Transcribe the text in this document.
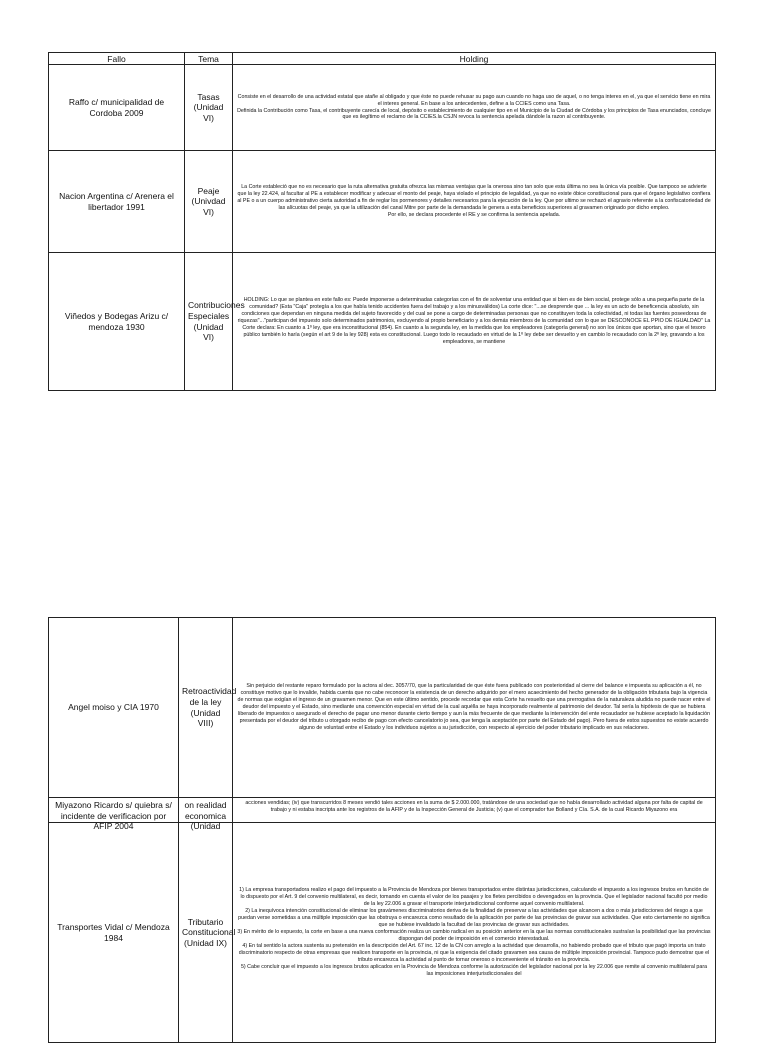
Fallo	Tema	Holding
Raffo c/ municipalidad de Cordoba 2009	Tasas (Unidad VI)	Consiste en el desarrollo de una actividad estatal que atañe al obligado y que éste no puede rehusar su pago aun cuando no haga uso de aquel, o no tenga interes en el, ya que el servicio tiene en mira el interes general. En base a los antecedentes, define a la CCIES como una Tasa.

Definida la Contribución como Tasa, el contribuyente carecía de local, depósito o establecimiento de cualquier tipo en el Municipio de la Ciudad de Córdoba y los principios de Tasa enunciados, concluye que es ilegítimo el reclamo de la CCIES.la CSJN revoca la sentencia apelada dándole la razon al contribuyente.

Nacion Argentina c/ Arenera el libertador 1991	Peaje (Univdad VI)	La Corte estableció que no es necesario que la ruta alternativa gratuita ofrezca las mismas ventajas que la onerosa sino tan solo que esta última no sea la única vía posible. Que tampoco se advierte que la ley 22.424, al facultar al PE a establecer modificar y adecuar el monto del peaje, haya violado el principio de legalidad, ya que no existe óbice constitucional para que el órgano legislativo confiera al PE o a un cuerpo administrativo cierta autoridad a fin de reglar los pormenores y detalles necesarios para la ejecución de la ley. Que por ultimo se rechazó el agravio referente a la confiscatoriedad de las alícuotas del peaje, ya que la utilización del canal Mitre por parte de la demandada le genera a esta beneficios superiores al gravamen originado por dicho empleo.

Por ello, se declara procedente el RE y se confirma la sentencia apelada.

Viñedos y Bodegas Arizu c/ mendoza 1930	Contribuciones Especiales (Unidad VI)	HOLDING: Lo que se plantea en este fallo es: Puede imponerse a determinadas categorías con el fin de solventar una entidad que si bien es de bien social, protege sólo a una pequeña parte de la comunidad? (Esta "Caja" protegía a los que había tenido accidentes fuera del trabajo y a los minusválidos) La corte dice: "...se desprende que ... la ley es un acto de beneficencia absoluto, sin condiciones que dependan en ninguna medida del sujeto favorecido y del cual se pone a cargo de determinadas personas que no constituyen toda la colectividad, ni todas las fuentes poseedoras de riquezas"..."participan del impuesto solo determinados patrimonios, excluyendo al propio beneficiario y a los demás miembros de la comunidad con lo que se DESCONOCE EL PPIO DE IGUALDAD" La Corte declara: En cuanto a 1º ley, que era inconstitucional (854). En cuanto a la segunda ley, en la medida que los empleadores (categoría general) no son los únicos que aportan, sino que el tesoro público también lo haría (según el art 9 de la ley 928) esta es constitucional. Luego todo lo recaudado en virtud de la 1º ley debe ser devuelto y en cambio lo recaudado con la 2º ley, gravando a los empleadores, se mantiene

Angel moiso y CIA 1970	Retroactividad de la ley (Unidad VIII)	Sin perjuicio del restante reparo formulado por la actora al dec. 3057/70, que la particularidad de que éste fuera publicado con posterioridad al cierre del balance e impuesta su aplicación a él, no constituye motivo que lo invalide, habida cuenta que no cabe reconocer la existencia de un derecho adquirido por el mero acaecimiento del hecho generador de la obligación tributaria bajo la vigencia de normas que exigían el ingreso de un gravamen menor. Que en este último sentido, procede recordar que esta Corte ha resuelto que una prerrogativa de la naturaleza aludida no puede nacer entre el deudor del impuesto y el Estado, sino mediante una convención especial en virtud de la cual aquélla se haya incorporado realmente al patrimonio del deudor. Tal sería la hipótesis de que se hubiera liberado de impuestos o asegurado el derecho de pagar uno menor durante cierto tiempo y aun la más frecuente de que mediante la intervención del ente recaudador se hubiese aceptado la liquidación presentada por el deudor del tributo u otorgado recibo de pago con efecto cancelatorio jo sea, que tenga la aceptación por parte del Estado del pago). Pero fuera de estos supuestos no existe acuerdo alguno de voluntad entre el Estado y los individuos sujetos a su jurisdicción, con respecto al ejercicio del poder tributario implicado en sus relaciones.

Miyazono Ricardo s/ quiebra s/ incidente de verificacion por AFIP 2004	on realidad economica (Unidad	acciones vendidas; (iv) que transcurridos 8 meses vendió tales acciones en la suma de $ 2.000.000, tratándose de una sociedad que no había desarrollado actividad alguna por falta de capital de trabajo y ni estaba inscripta ante los registros de la AFIP y de la Inspección General de Justicia; (v) que el comprador fue Bolland y Cía. S.A. de la cual Ricardo Miyazono era

Transportes Vidal c/ Mendoza 1984	Tributario Constitucional (Unidad IX)	1) La empresa transportadora realizo el pago del impuesto a la Provincia de Mendoza por bienes transportados entre distintas jurisdicciones, calculando el impuesto a los ingresos brutos en función de lo dispuesto por el Art. 9 del convenio multilateral, es decir, tomando en cuenta el valor de los pasajes y los fletes percibidos o devengados en la provincia. Que el legislador nacional facultó por medio de la ley 22.006 a gravar el transporte interjurisdiccional conforme aquel convenio multilateral.

2) La inequívoca intención constitucional de eliminar los gravámenes discriminatorios deriva de la finalidad de preservar a las actividades que alcancen a dos o más jurisdicciones del riesgo a que puedan verse sometidas a una múltiple imposición que las obstruya o encarezca como resultado de la aplicación por parte de las provincias de gravar sus actividades. Que esto ciertamente no significa que se hubiese invalidado la facultad de las provincias de gravar sus actividades.

3) En mérito de lo expuesto, la corte en base a una nueva conformación realiza un cambio radical en su posición anterior en la que las normas constitucionales sustraían la posibilidad que las provincias dispongan del poder de imposición en el comercio interestadual.

4) En tal sentido la actora sustenta su pretensión en la descripción del Art. 67 inc. 12 de la CN con arreglo a la actividad que desarrolla, no habiendo probado que el tributo que pagó importa un trato discriminatorio respecto de otras empresas que realicen transporte en la provincia, ni que la exigencia del citado gravamen sea causa de múltiple imposición provincial. Tampoco pudo demostrar que el tributo encarezca la actividad al punto de tornar oneroso o inconveniente el tránsito en la provincia.

5) Cabe concluir que el impuesto a los ingresos brutos aplicados en la Provincia de Mendoza conforme la autorización del legislador nacional por la ley 22.006 que remite al convenio multilateral para las imposiciones interjurisdiccionales del
